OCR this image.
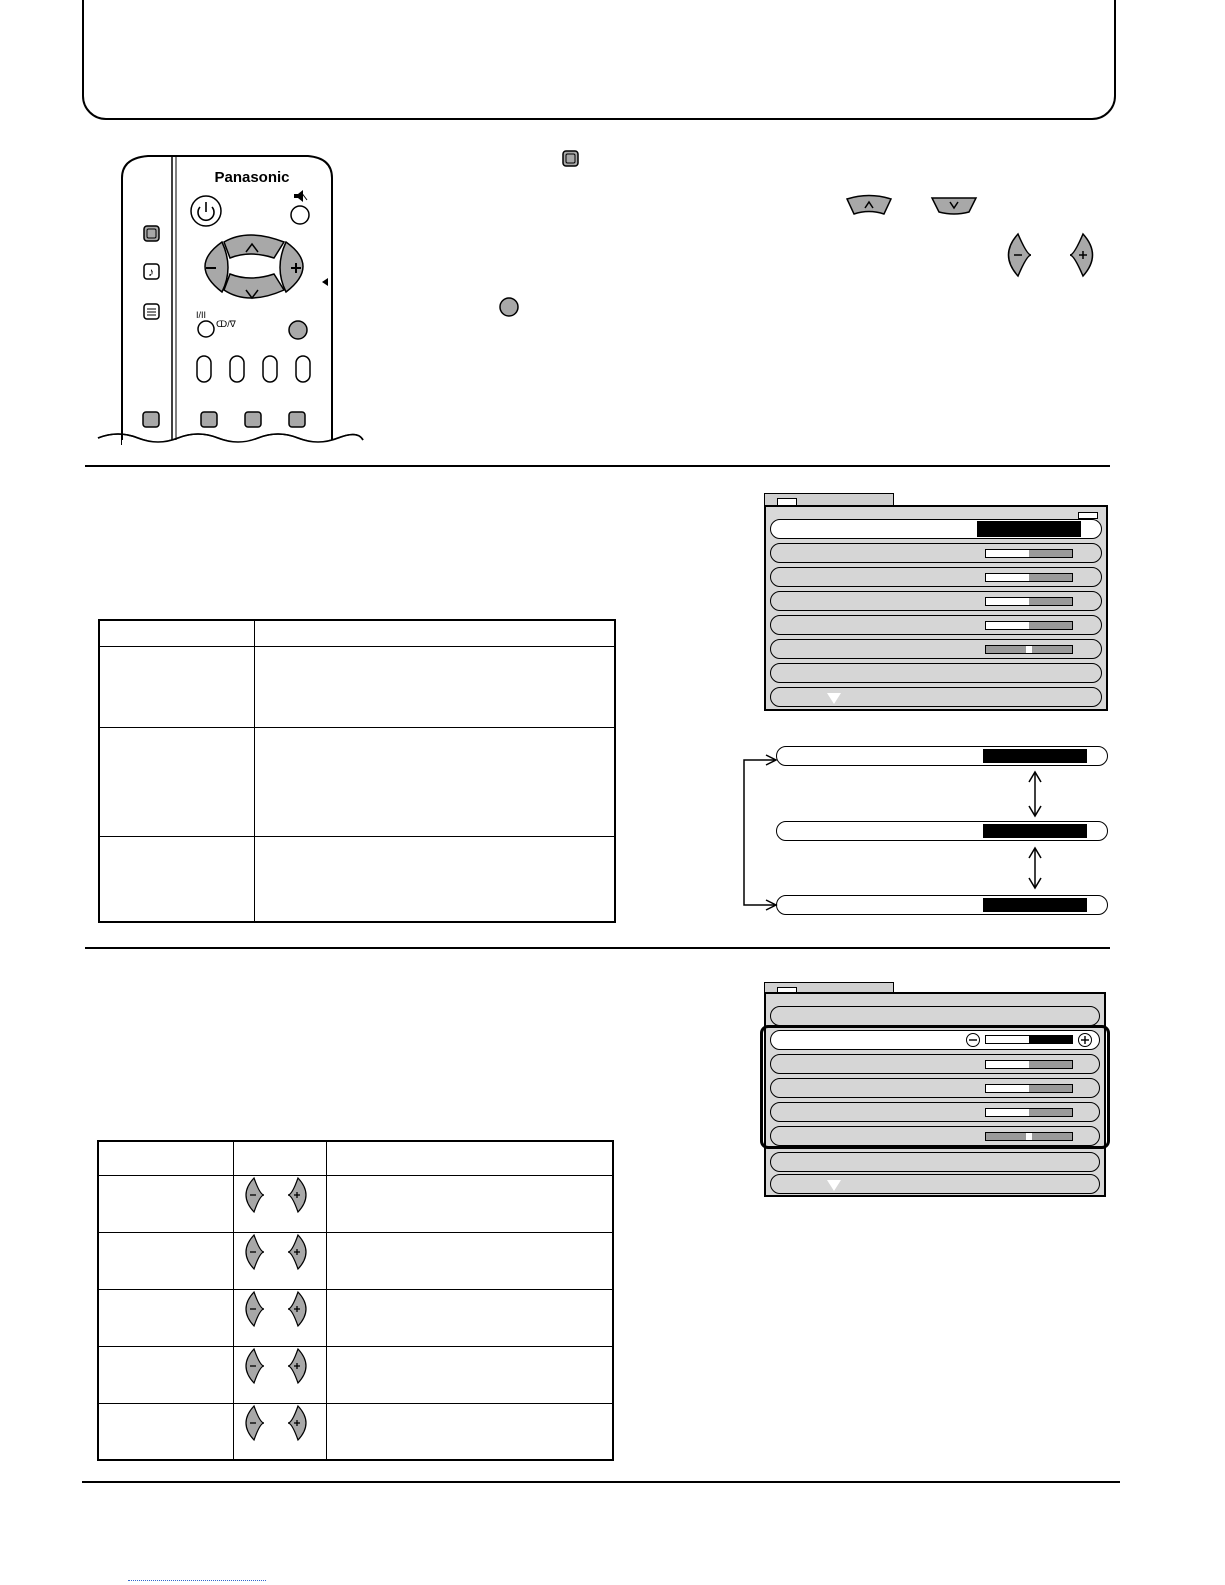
Panasonic
♪
I/II
ↀ/∇
